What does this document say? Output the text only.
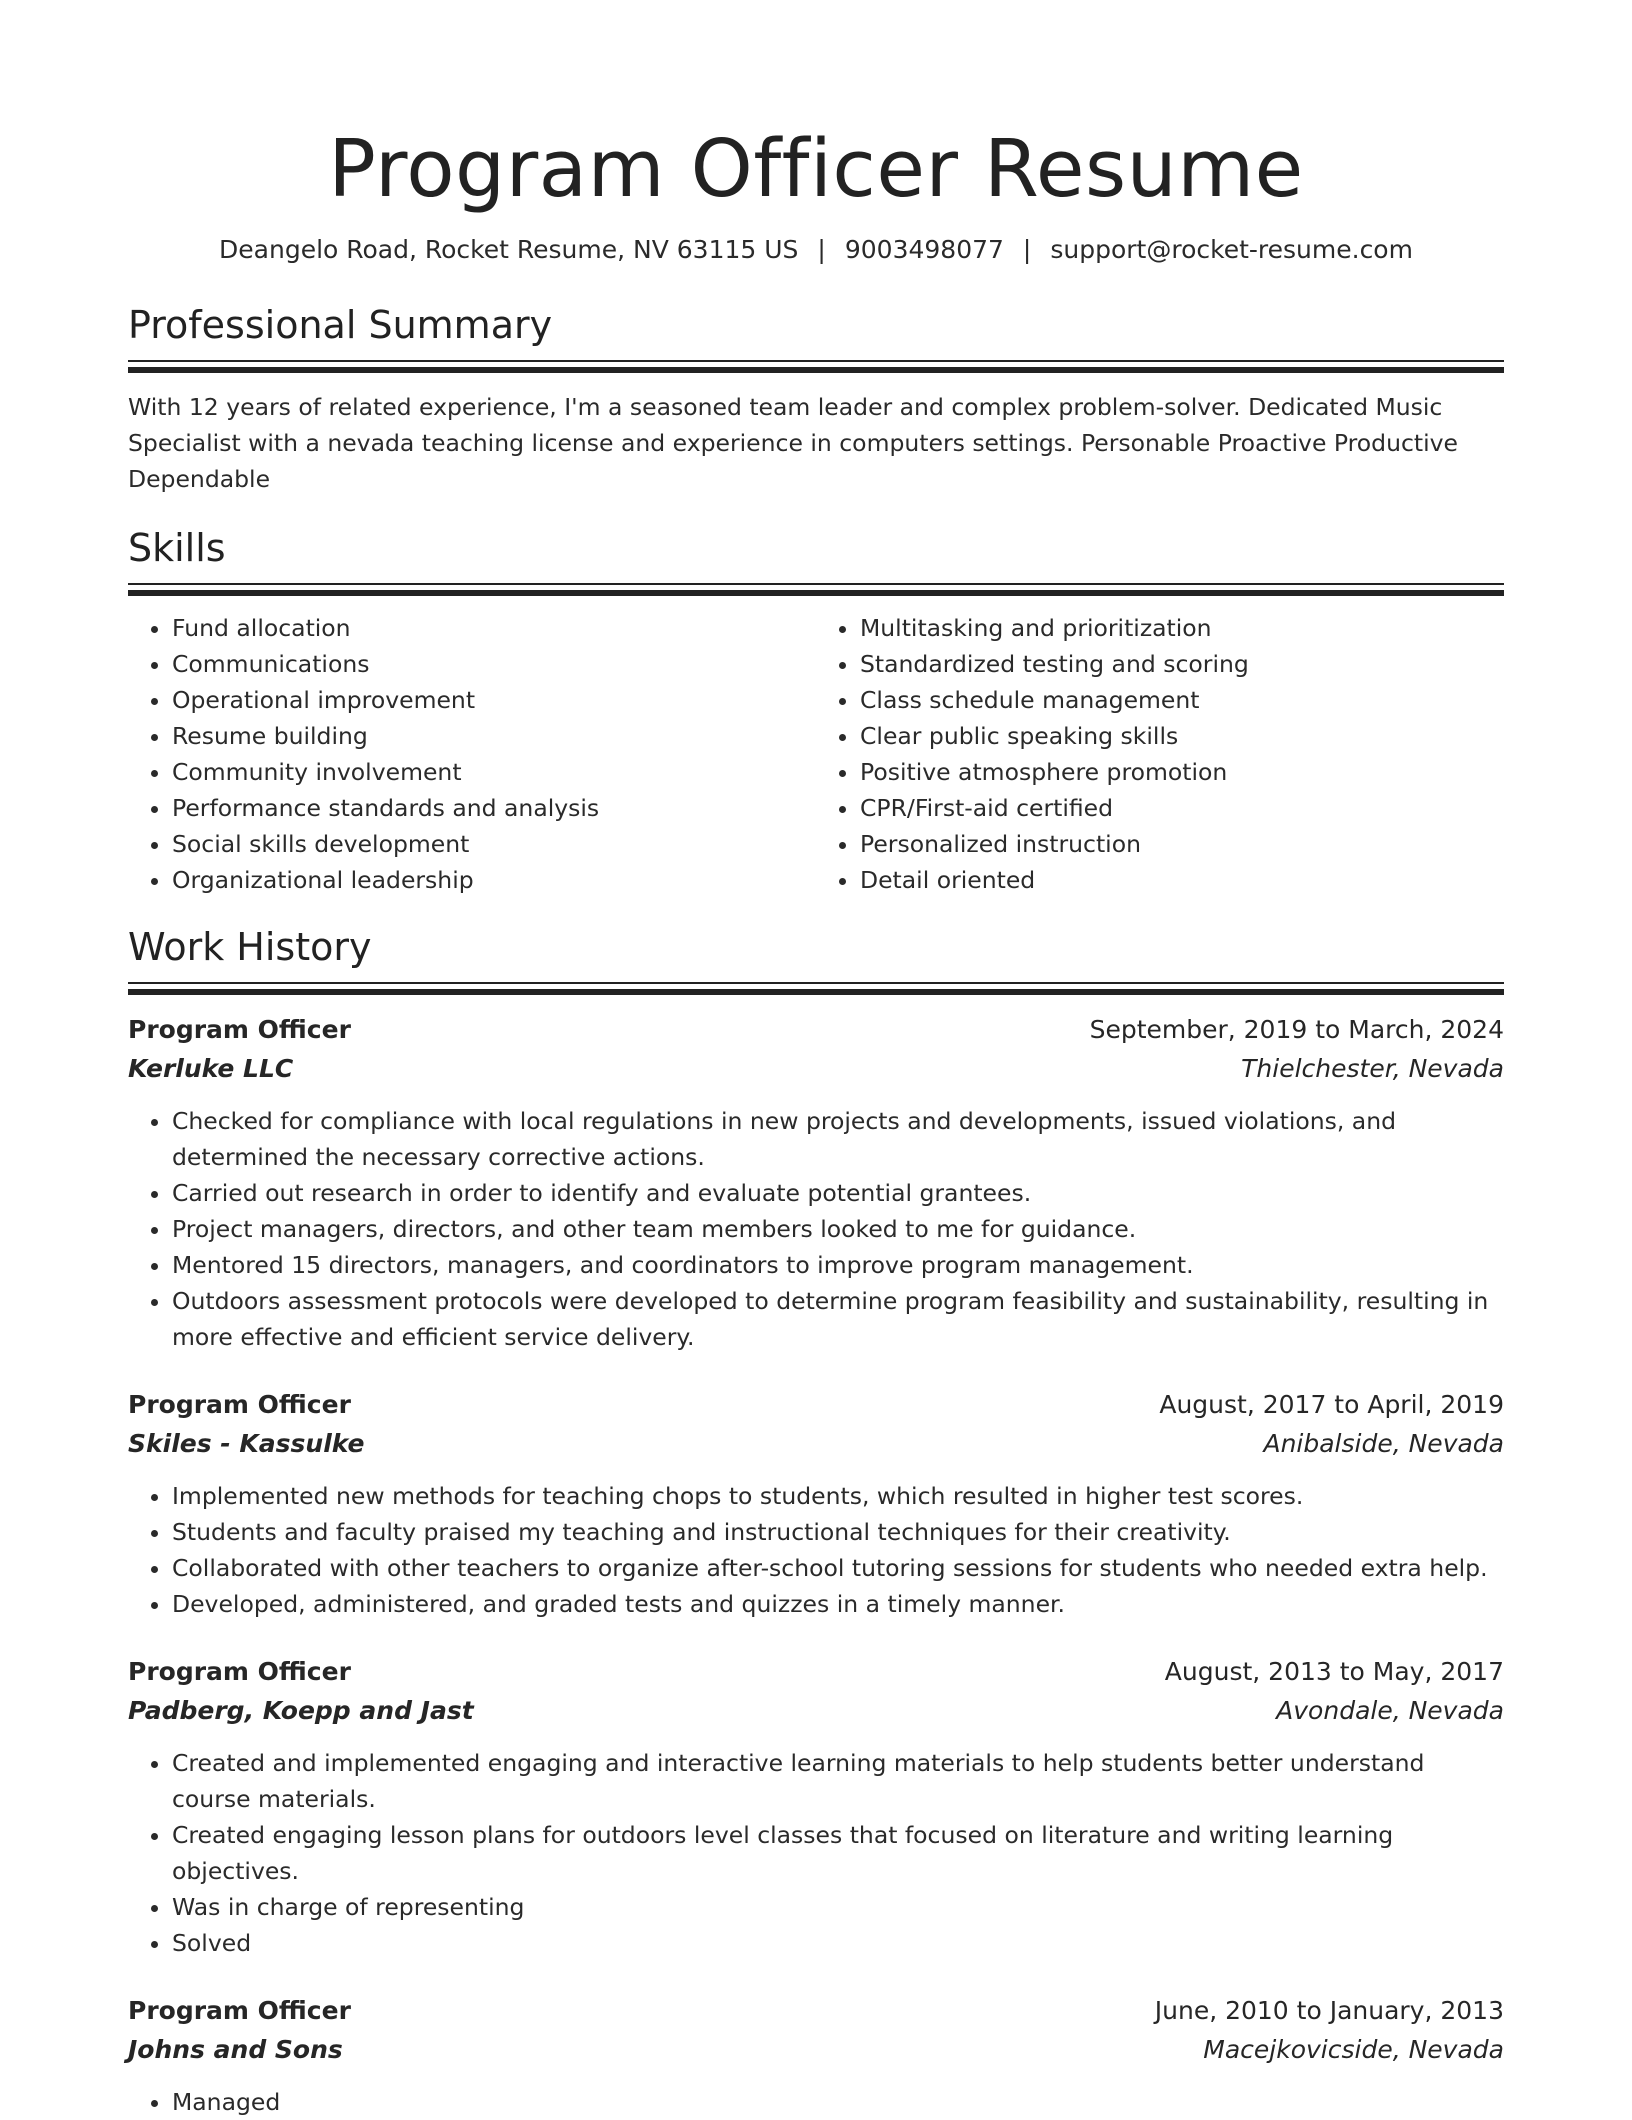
Program Officer Resume
Deangelo Road, Rocket Resume, NV 63115 US | 9003498077 | support@rocket-resume.com
Professional Summary

With 12 years of related experience, I'm a seasoned team leader and complex problem-solver. Dedicated Music Specialist with a nevada teaching license and experience in computers settings. Personable Proactive Productive Dependable

Skills
• Fund allocation
• Communications
• Operational improvement
• Resume building
• Community involvement
• Performance standards and analysis
• Social skills development
• Organizational leadership
• Multitasking and prioritization
• Standardized testing and scoring
• Class schedule management
• Clear public speaking skills
• Positive atmosphere promotion
• CPR/First-aid certified
• Personalized instruction
• Detail oriented
Work History
Program Officer	September, 2019 to March, 2024
Kerluke LLC	Thielchester, Nevada
• Checked for compliance with local regulations in new projects and developments, issued violations, and determined the necessary corrective actions.
• Carried out research in order to identify and evaluate potential grantees.
• Project managers, directors, and other team members looked to me for guidance.
• Mentored 15 directors, managers, and coordinators to improve program management.
• Outdoors assessment protocols were developed to determine program feasibility and sustainability, resulting in more effective and efficient service delivery.
Program Officer	August, 2017 to April, 2019
Skiles - Kassulke	Anibalside, Nevada
• Implemented new methods for teaching chops to students, which resulted in higher test scores.
• Students and faculty praised my teaching and instructional techniques for their creativity.
• Collaborated with other teachers to organize after-school tutoring sessions for students who needed extra help.
• Developed, administered, and graded tests and quizzes in a timely manner.
Program Officer	August, 2013 to May, 2017
Padberg, Koepp and Jast	Avondale, Nevada
• Created and implemented engaging and interactive learning materials to help students better understand course materials.
• Created engaging lesson plans for outdoors level classes that focused on literature and writing learning objectives.
• Was in charge of representing
• Solved
Program Officer	June, 2010 to January, 2013
Johns and Sons	Macejkovicside, Nevada
• Managed
